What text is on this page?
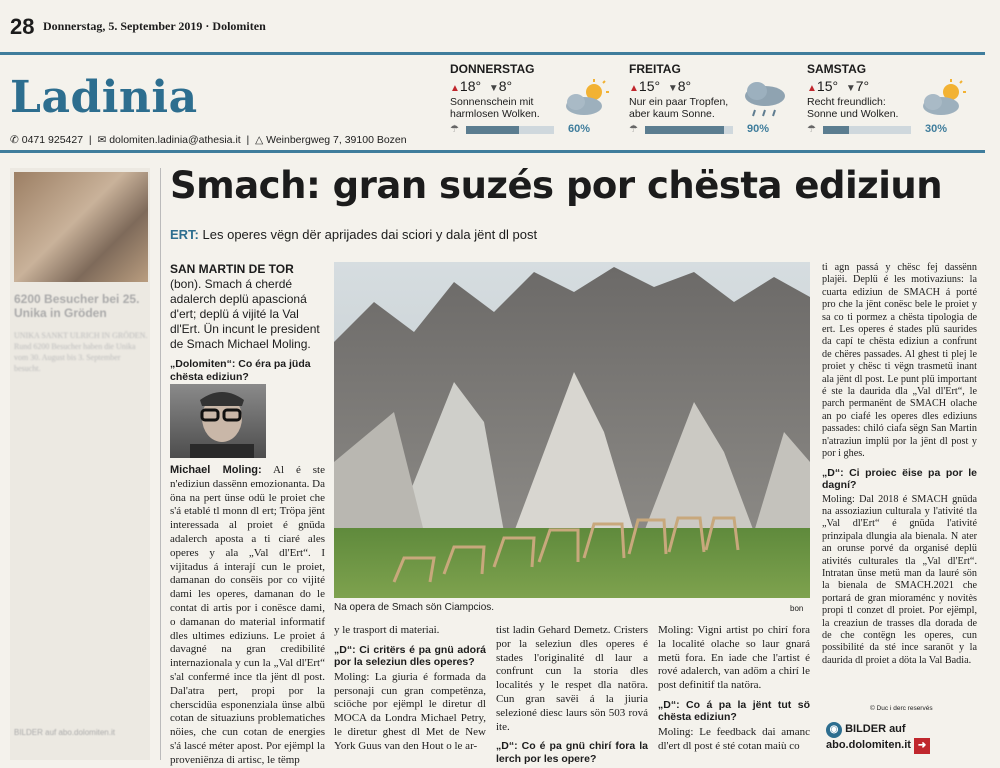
28 Donnerstag, 5. September 2019 · Dolomiten
Ladinia
DONNERSTAG
▲18° ▼8°
Sonnenschein mit harmlosen Wolken.
☂	60%
FREITAG
▲15° ▼8°
Nur ein paar Tropfen, aber kaum Sonne.
☂	90%
SAMSTAG
▲15° ▼7°
Recht freundlich: Sonne und Wolken.
☂	30%
✆ 0471 925427  |  ✉ dolomiten.ladinia@athesia.it  |  △ Weinbergweg 7, 39100 Bozen
6200 Besucher bei 25. Unika in Gröden
UNIKA SANKT ULRICH IN GRÖDEN. Rund 6200 Besucher haben die Unika vom 30. August bis 3. September besucht.
BILDER auf abo.dolomiten.it
Smach: gran suzés por chësta ediziun
ERT: Les operes vëgn dër aprijades dai sciori y dala jënt dl post
SAN MARTIN DE TOR (bon). Smach á cherdé adalerch deplü apascioná d'ert; deplü á vijité la Val dl'Ert. Ün incunt le president de Smach Michael Moling.
„Dolomiten“: Co éra pa jüda chësta ediziun?

Michael Moling: Al é ste n'ediziun dassënn emozionanta. Da öna na pert ünse odü le proiet che s'á etablé tl monn dl ert; Tröpa jënt interessada al proiet é gnüda adalerch aposta a ti ciaré ales operes y ala „Val dl'Ert“. I vijitadus á interají cun le proiet, damanan do consëis por co vijité dami les operes, damanan do le contat di artis por i conësce dami, o damanan do material informatif dles ultimes ediziuns. Le proiet á davagné na gran credibilité internazionala y cun la „Val dl'Ert“ s'al confermé ince tla jënt dl post. Dal'atra pert, propi por la cherscidüa esponenziala ünse albü cotan de situaziuns problematiches nöies, che cun cotan de energies s'á lascé méter apost. Por ejëmpl la proveniënza di artisc, le tëmp

Na opera de Smach sön Ciampcios.	bon

y le trasport di materiai.

„D“: Ci critërs é pa gnü adorá por la seleziun dles operes?

Moling: La giuria é formada da personaji cun gran competënza, sciöche por ejëmpl le diretur dl MOCA da Londra Michael Petry, le diretur ghest dl Met de New York Guus van den Hout o le ar-

tist ladin Gehard Demetz. Cristers por la seleziun dles operes é stades l'originalité dl laur a confrunt cun la storia dles localités y le respet dla natöra. Cun gran savëi á la jiuria selezioné diesc laurs sön 503 rová ite.

„D“: Co é pa gnü chirí fora la lerch por les opere?

Moling: Vigni artist po chirí fora la localité olache so laur gnará metü fora. En iade che l'artist é rové adalerch, van adöm a chirí le post definitif tla natöra.

„D“: Co á pa la jënt tut sö chësta ediziun?

Moling: Le feedback dai amanc dl'ert dl post é sté cotan maiù co

ti agn passá y chësc fej dassënn plajëi. Deplü é les motivaziuns: la cuarta ediziun de SMACH á porté pro che la jënt conësc bele le proiet y sa co ti pormez a chësta tipologia de ert. Les operes é stades plü saurides da capí te chësta ediziun a confrunt de chëres passades. Al ghest ti plej le proiet y chësc ti vëgn trasmetü inant ala jënt dl post. Le punt plü important é ste la daurida dla „Val dl'Ert“, le parch permanënt de SMACH olache an po ciafé les operes dles ediziuns passades: chiló ciafa sëgn San Martin n'atraziun implü por la jënt dl post y por i ghes.

„D“: Ci proiec ëise pa por le dagní?

Moling: Dal 2018 é SMACH gnüda na assoziaziun culturala y l'ativité tla „Val dl'Ert“ é gnüda l'ativité prinzipala dlungia ala bienala. N ater an orunse porvé da organisé deplü ativités culturales tla „Val dl'Ert“. Intratan ünse metü man da lauré sön la bienala de SMACH.2021 che portará de gran mioraménc y novitès propi tl conzet dl proiet. Por ejëmpl, la creaziun de trasses dla dorada de de che contëgn les operes, cun possibilité da sté ince saranöt y la daurida dl proiet a döta la Val Badia.

© Duc i derc reservés
◉ BILDER auf abo.dolomiten.it ➜
